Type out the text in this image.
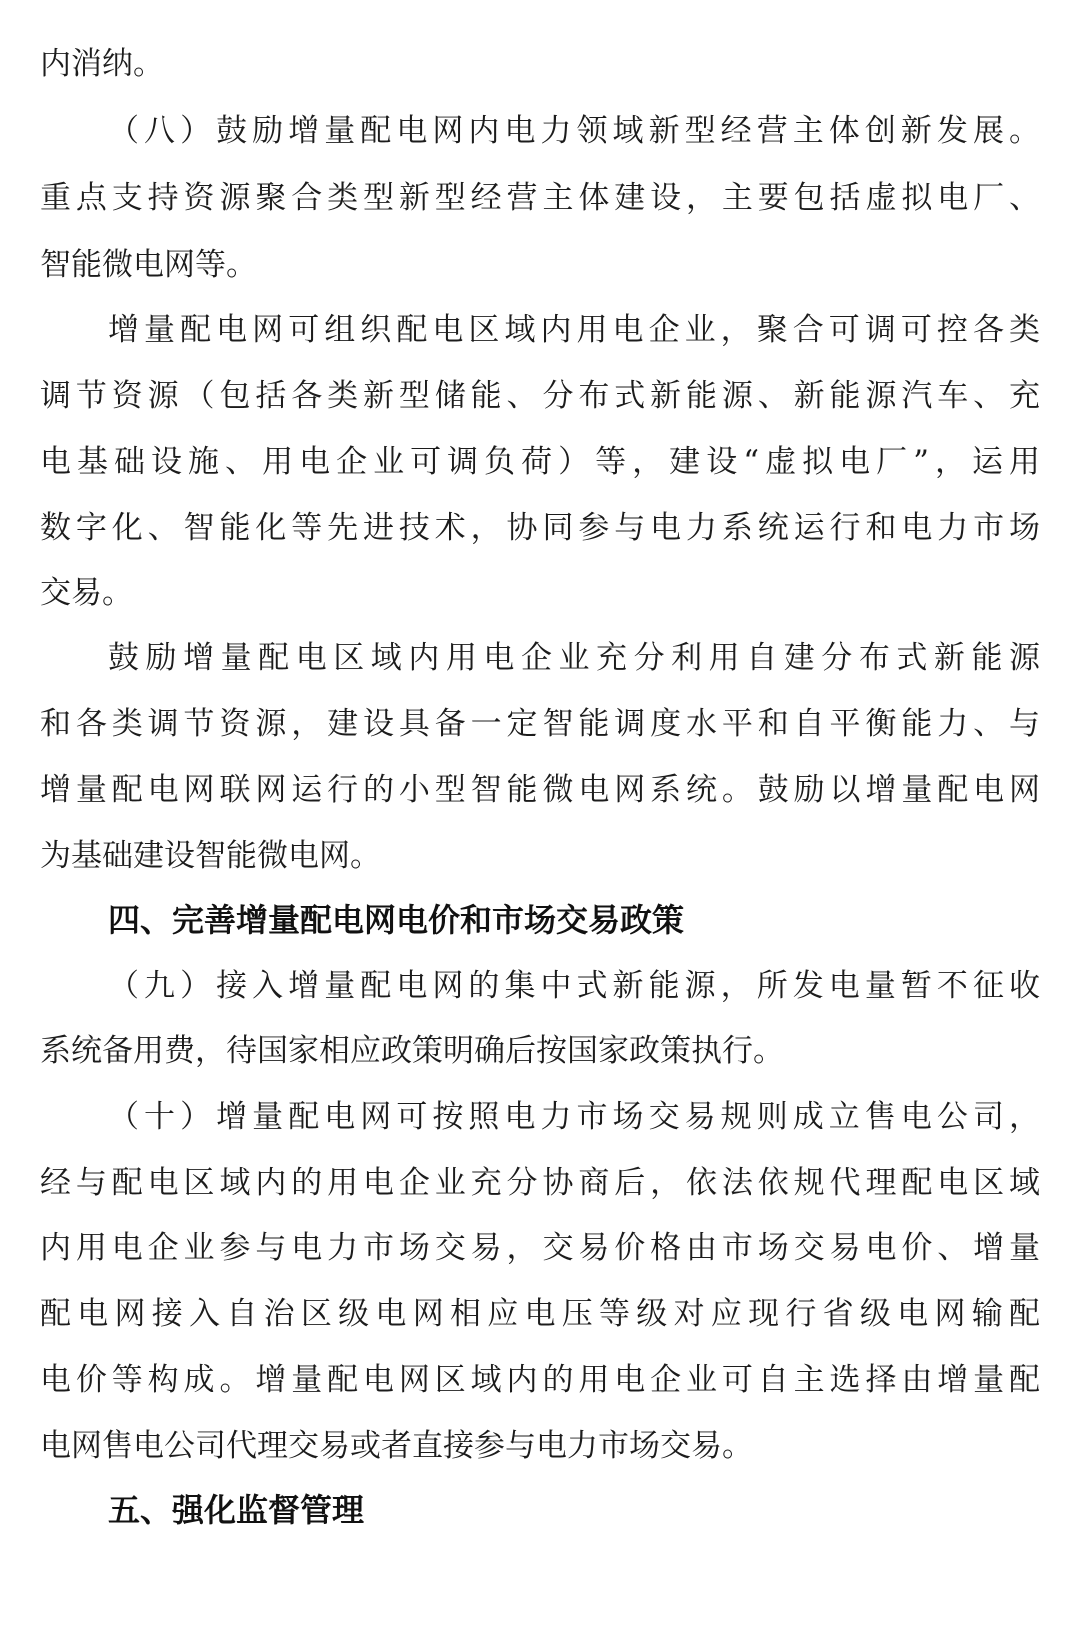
内消纳。
（八）鼓励增量配电网内电力领域新型经营主体创新发展。
重点支持资源聚合类型新型经营主体建设，主要包括虚拟电厂、
智能微电网等。
增量配电网可组织配电区域内用电企业，聚合可调可控各类
调节资源（包括各类新型储能、分布式新能源、新能源汽车、充
电基础设施、用电企业可调负荷）等，建设“虚拟电厂”，运用
数字化、智能化等先进技术，协同参与电力系统运行和电力市场
交易。
鼓励增量配电区域内用电企业充分利用自建分布式新能源
和各类调节资源，建设具备一定智能调度水平和自平衡能力、与
增量配电网联网运行的小型智能微电网系统。鼓励以增量配电网
为基础建设智能微电网。
四、完善增量配电网电价和市场交易政策
（九）接入增量配电网的集中式新能源，所发电量暂不征收
系统备用费，待国家相应政策明确后按国家政策执行。
（十）增量配电网可按照电力市场交易规则成立售电公司，
经与配电区域内的用电企业充分协商后，依法依规代理配电区域
内用电企业参与电力市场交易，交易价格由市场交易电价、增量
配电网接入自治区级电网相应电压等级对应现行省级电网输配
电价等构成。增量配电网区域内的用电企业可自主选择由增量配
电网售电公司代理交易或者直接参与电力市场交易。
五、强化监督管理
